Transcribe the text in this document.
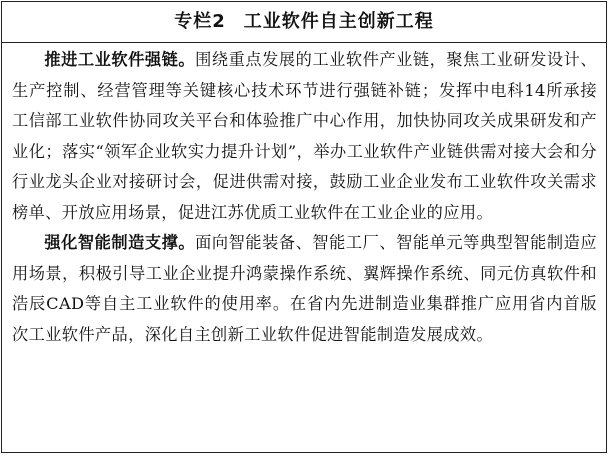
专栏2 工业软件自主创新工程

推进工业软件强链。围绕重点发展的工业软件产业链，聚焦工业研发设计、生产控制、经营管理等关键核心技术环节进行强链补链；发挥中电科14所承接工信部工业软件协同攻关平台和体验推广中心作用，加快协同攻关成果研发和产业化；落实“领军企业软实力提升计划”，举办工业软件产业链供需对接大会和分行业龙头企业对接研讨会，促进供需对接，鼓励工业企业发布工业软件攻关需求榜单、开放应用场景，促进江苏优质工业软件在工业企业的应用。

强化智能制造支撑。面向智能装备、智能工厂、智能单元等典型智能制造应用场景，积极引导工业企业提升鸿蒙操作系统、翼辉操作系统、同元仿真软件和浩辰CAD等自主工业软件的使用率。在省内先进制造业集群推广应用省内首版次工业软件产品，深化自主创新工业软件促进智能制造发展成效。
